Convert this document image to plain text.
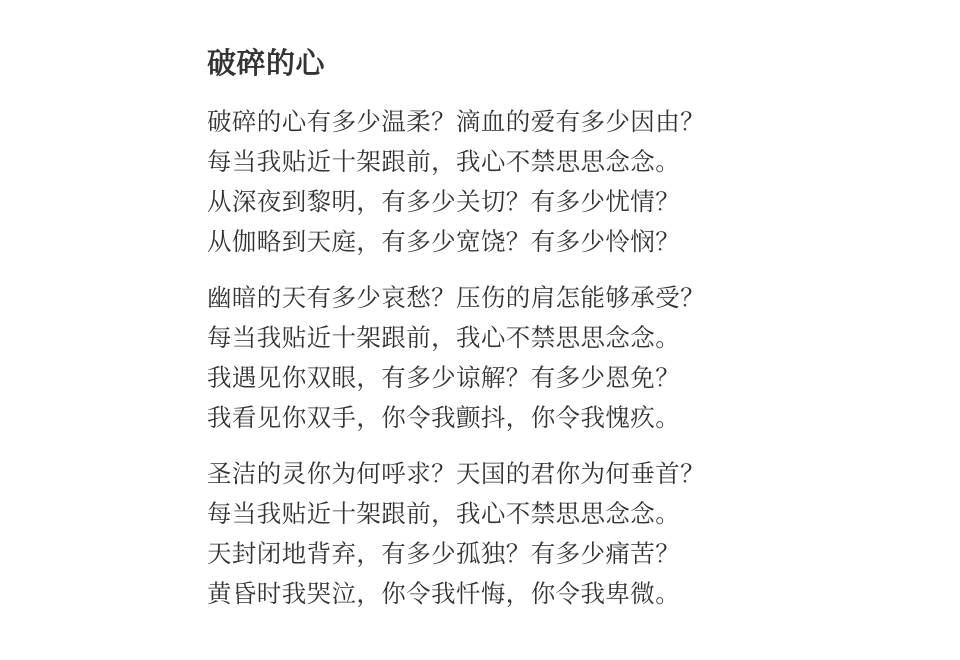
破碎的心
破碎的心有多少温柔？滴血的爱有多少因由？
每当我贴近十架跟前，我心不禁思思念念。
从深夜到黎明，有多少关切？有多少忧情？
从伽略到天庭，有多少宽饶？有多少怜悯？
幽暗的天有多少哀愁？压伤的肩怎能够承受？
每当我贴近十架跟前，我心不禁思思念念。
我遇见你双眼，有多少谅解？有多少恩免？
我看见你双手，你令我颤抖，你令我愧疚。
圣洁的灵你为何呼求？天国的君你为何垂首？
每当我贴近十架跟前，我心不禁思思念念。
天封闭地背弃，有多少孤独？有多少痛苦？
黄昏时我哭泣，你令我忏悔，你令我卑微。
